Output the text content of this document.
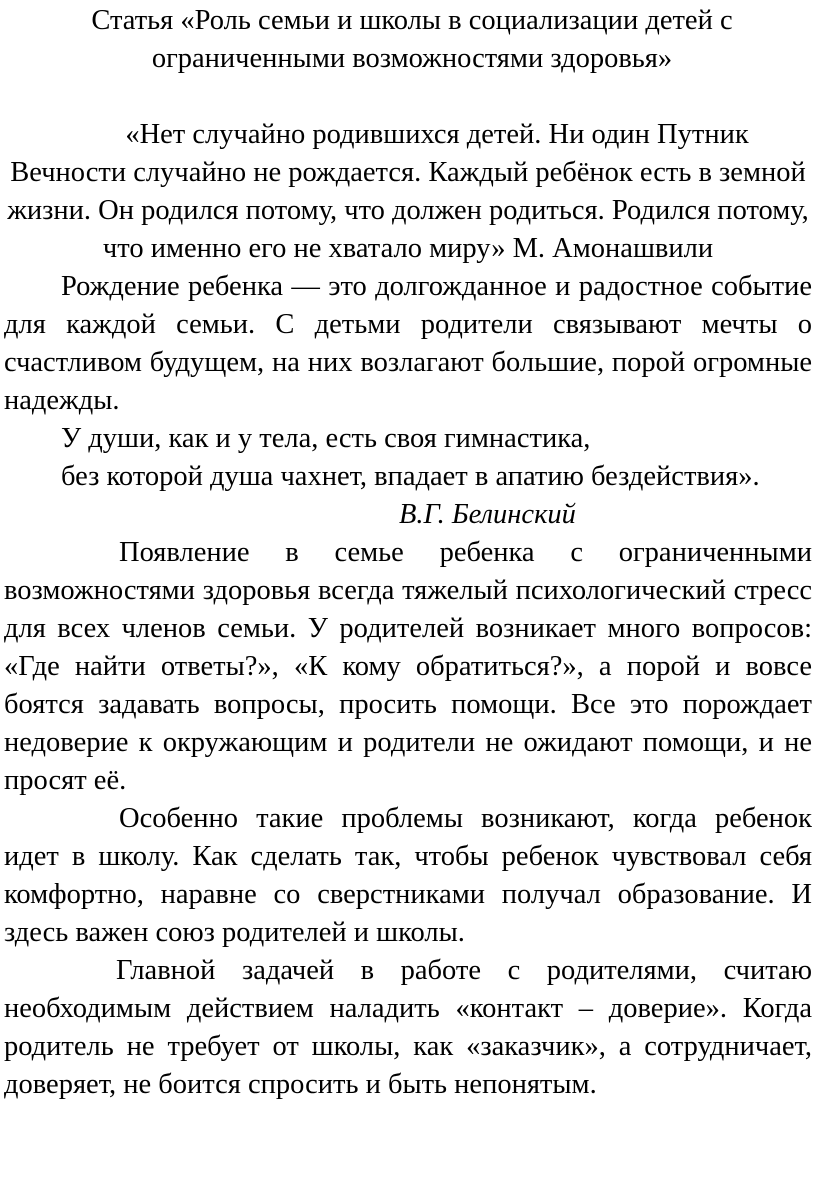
Статья «Роль семьи и школы в социализации детей с ограниченными возможностями здоровья»
«Нет случайно родившихся детей. Ни один Путник
Вечности случайно не рождается. Каждый ребёнок есть в земной жизни. Он родился потому, что должен родиться. Родился потому, что именно его не хватало миру» М. Амонашвили

Рождение ребенка — это долгожданное и радостное событие для каждой семьи. С детьми родители связывают мечты о счастливом будущем, на них возлагают большие, порой огромные надежды.

У души, как и у тела, есть своя гимнастика,

без которой душа чахнет, впадает в апатию бездействия».

В.Г. Белинский

Появление в семье ребенка с ограниченными возможностями здоровья всегда тяжелый психологический стресс для всех членов семьи. У родителей возникает много вопросов: «Где найти ответы?», «К кому обратиться?», а порой и вовсе боятся задавать вопросы, просить помощи. Все это порождает недоверие к окружающим и родители не ожидают помощи, и не просят её.

Особенно такие проблемы возникают, когда ребенок идет в школу. Как сделать так, чтобы ребенок чувствовал себя комфортно, наравне со сверстниками получал образование. И здесь важен союз родителей и школы.

Главной задачей в работе с родителями, считаю необходимым действием наладить «контакт – доверие». Когда родитель не требует от школы, как «заказчик», а сотрудничает, доверяет, не боится спросить и быть непонятым.
